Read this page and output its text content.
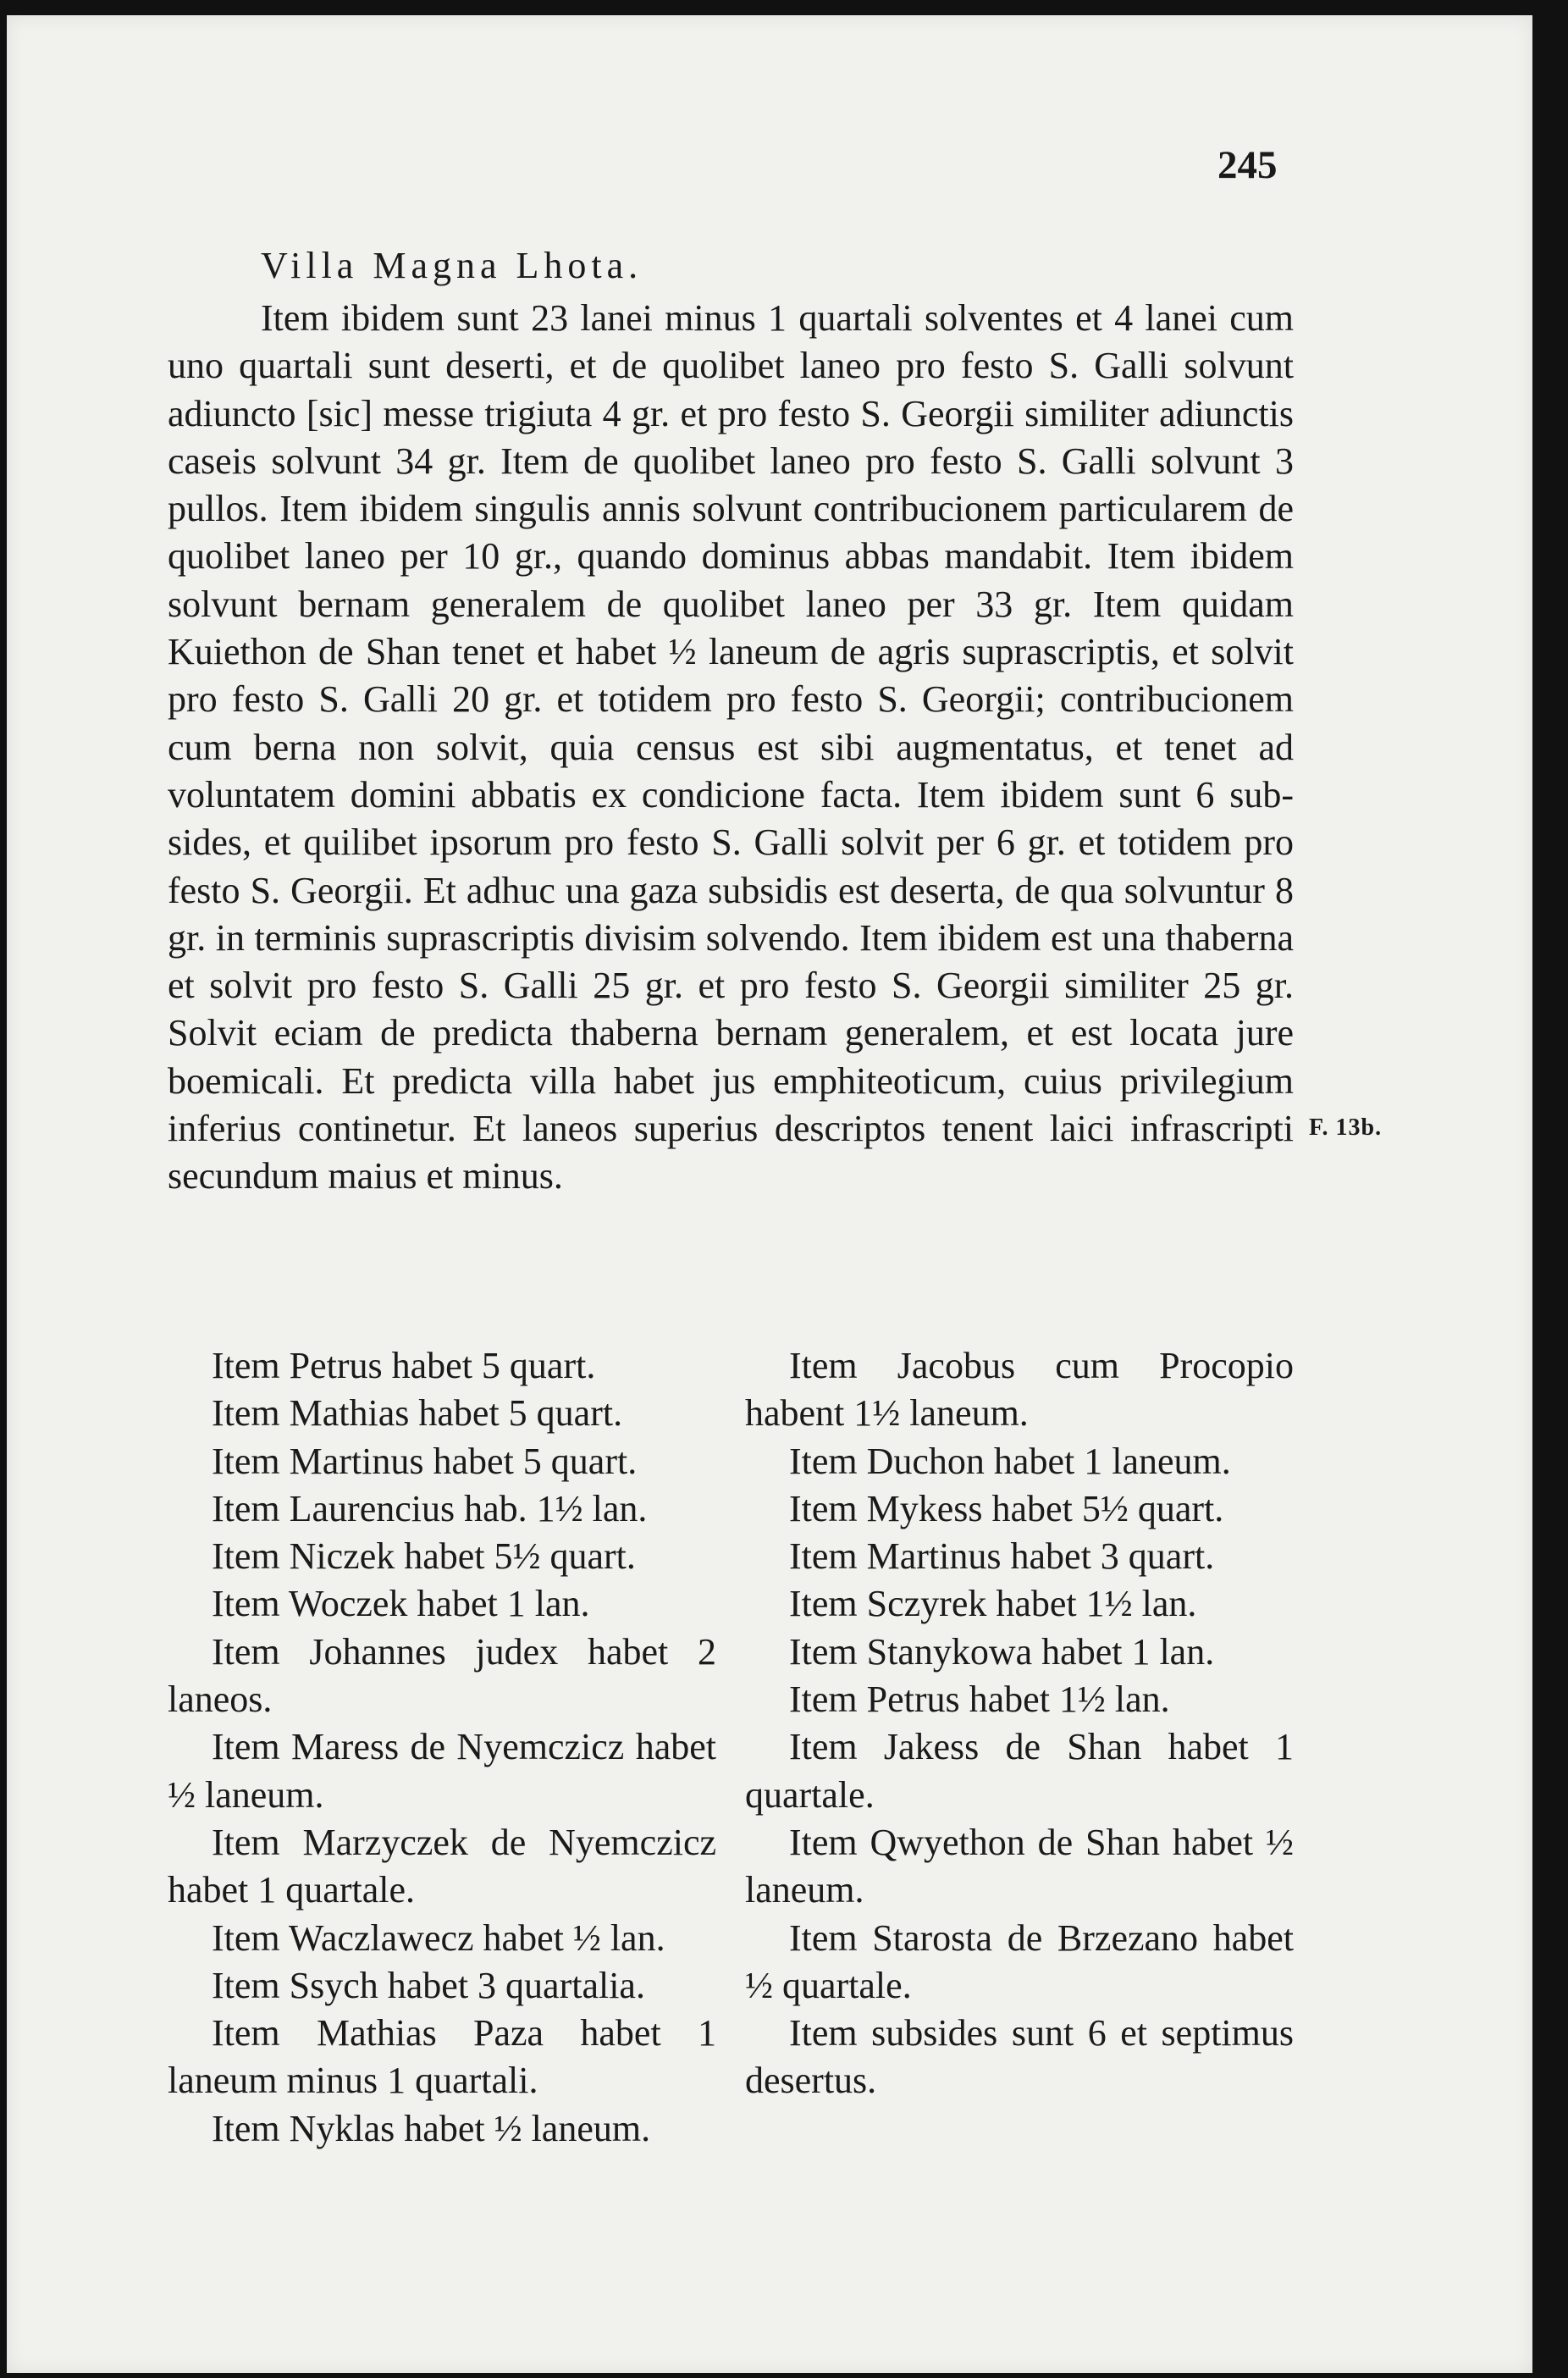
245
Villa Magna Lhota.

Item ibidem sunt 23 lanei minus 1 quartali solventes et 4 lanei cum uno quartali sunt deserti, et de quolibet laneo pro festo S. Galli solvunt adiuncto [sic] messe trigiuta 4 gr. et pro festo S. Georgii similiter adiunctis caseis solvunt 34 gr. Item de quolibet laneo pro festo S. Galli solvunt 3 pullos. Item ibidem singulis annis solvunt contribucionem particularem de quolibet laneo per 10 gr., quando dominus abbas mandabit. Item ibidem solvunt bernam generalem de quolibet laneo per 33 gr. Item quidam Kuiethon de Shan tenet et habet ½ laneum de agris suprascriptis, et solvit pro festo S. Galli 20 gr. et totidem pro festo S. Georgii; contribucionem cum berna non solvit, quia census est sibi augmentatus, et tenet ad voluntatem domini abbatis ex condicione facta. Item ibidem sunt 6 subsides, et quilibet ipsorum pro festo S. Galli solvit per 6 gr. et totidem pro festo S. Georgii. Et adhuc una gaza subsidis est deserta, de qua solvuntur 8 gr. in terminis suprascriptis divisim solvendo. Item ibidem est una thaberna et solvit pro festo S. Galli 25 gr. et pro festo S. Georgii similiter 25 gr. Solvit eciam de predicta thaberna bernam generalem, et est locata jure boemicali. Et predicta villa habet jus emphiteoticum, cuius privilegium inferius continetur. Et laneos superius descriptos tenent laici infrascripti secundum maius et minus.

F. 13b.

Item Petrus habet 5 quart.

Item Mathias habet 5 quart.

Item Martinus habet 5 quart.

Item Laurencius hab. 1½ lan.

Item Niczek habet 5½ quart.

Item Woczek habet 1 lan.

Item Johannes judex habet 2 laneos.

Item Maress de Nyemczicz habet ½ laneum.

Item Marzyczek de Nyemczicz habet 1 quartale.

Item Waczlawecz habet ½ lan.

Item Ssych habet 3 quartalia.

Item Mathias Paza habet 1 laneum minus 1 quartali.

Item Nyklas habet ½ laneum.

Item Jacobus cum Procopio habent 1½ laneum.

Item Duchon habet 1 laneum.

Item Mykess habet 5½ quart.

Item Martinus habet 3 quart.

Item Sczyrek habet 1½ lan.

Item Stanykowa habet 1 lan.

Item Petrus habet 1½ lan.

Item Jakess de Shan habet 1 quartale.

Item Qwyethon de Shan habet ½ laneum.

Item Starosta de Brzezano habet ½ quartale.

Item subsides sunt 6 et septimus desertus.
